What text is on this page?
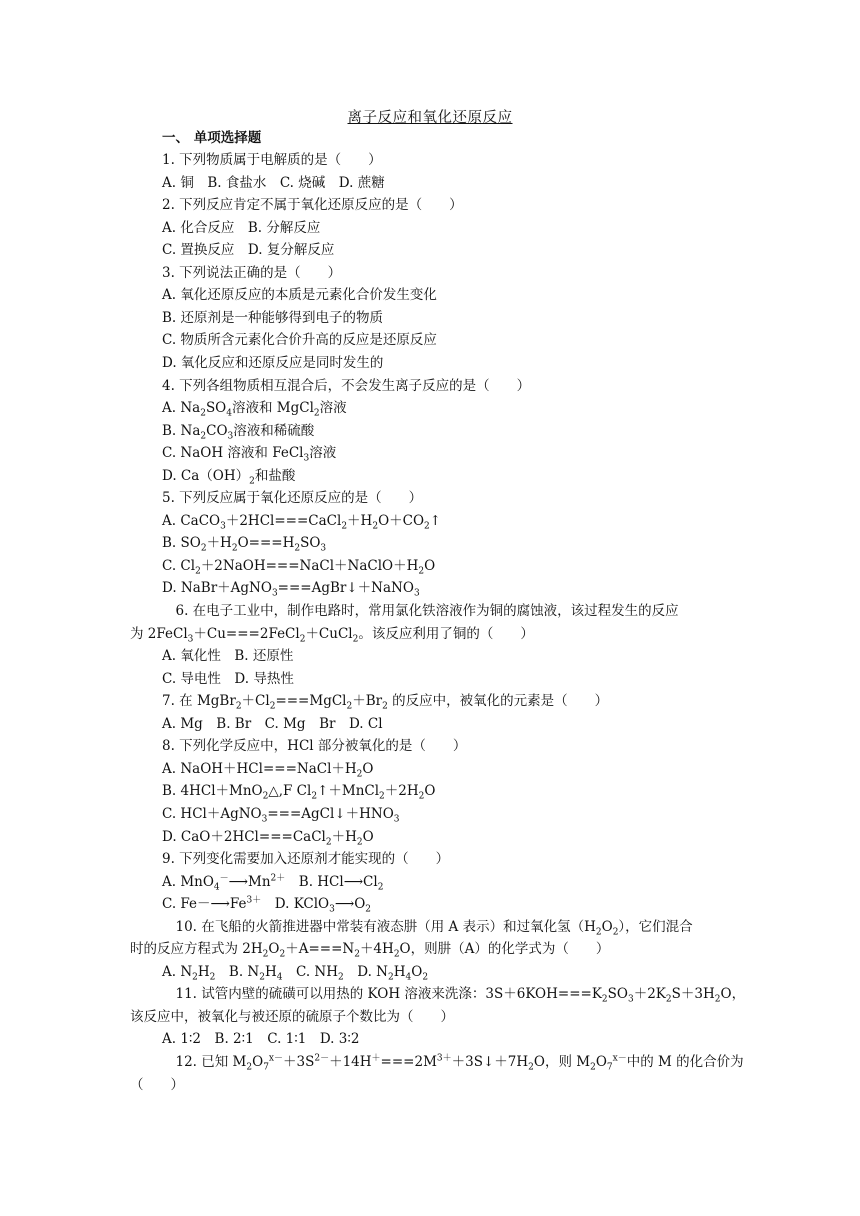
离子反应和氧化还原反应
一、 单项选择题
1. 下列物质属于电解质的是（　　）
A. 铜　B. 食盐水　C. 烧碱　D. 蔗糖
2. 下列反应肯定不属于氧化还原反应的是（　　）
A. 化合反应　B. 分解反应
C. 置换反应　D. 复分解反应
3. 下列说法正确的是（　　）
A. 氧化还原反应的本质是元素化合价发生变化
B. 还原剂是一种能够得到电子的物质
C. 物质所含元素化合价升高的反应是还原反应
D. 氧化反应和还原反应是同时发生的
4. 下列各组物质相互混合后，不会发生离子反应的是（　　）
A. $Na_2SO_4$溶液和 MgCl$_2$溶液
B. $Na_2CO_3$溶液和稀硫酸
C. NaOH 溶液和 FeCl$_3$溶液
D. $Ca(OH)_2$和盐酸
5. 下列反应属于氧化还原反应的是（　　）
A. $CaCO_3+2HCl===CaCl_2+H_2O+CO_2↑$
B. $SO_2+H_2O===H_2SO_3$
C. $Cl_2+2NaOH===NaCl+NaClO+H_2O$
D. NaBr＋AgNO$_3$===AgBr↓＋NaNO$_3$
　6. 在电子工业中，制作电路时，常用氯化铁溶液作为铜的腐蚀液，该过程发生的反应
为 2FeCl$_3$＋Cu===2FeCl$_2$＋CuCl$_2$。该反应利用了铜的（　　）
A. 氧化性　B. 还原性
C. 导电性　D. 导热性
7. 在 $MgBr_2+Cl_2===MgCl_2+Br_2$ 的反应中，被氧化的元素是（　　）
A. Mg　B. Br　C. Mg　Br　D. Cl
8. 下列化学反应中，HCl 部分被氧化的是（　　）
A. $NaOH+HCl===NaCl+H_2O$
B. 4HCl＋MnO$_2$△,F $Cl_2↑+MnCl_2+2H_2O$
C. $HCl+AgNO_3===AgCl↓+HNO_3$
D. $CaO+2HCl===CaCl_2+H_2O$
9. 下列变化需要加入还原剂才能实现的（　　）
A. $MnO_4^-⟶Mn^{2+}$　B. $HCl⟶Cl_2$
C. $Fe-⟶Fe^{3+}$　D. $KClO_3⟶O_2$
　10. 在飞船的火箭推进器中常装有液态肼（用 A 表示）和过氧化氢$(H_2O_2)$，它们混合
时的反应方程式为 $2H_2O_2+A===N_2+4H_2O$，则肼（A）的化学式为（　　）
A. $N_2H_2$　B. $N_2H_4$　C. $NH_2$　D. $N_2H_4O_2$
　11. 试管内壁的硫磺可以用热的 KOH 溶液来洗涤：$3S+6KOH===K_2SO_3+2K_2S+3H_2O$，
该反应中，被氧化与被还原的硫原子个数比为（　　）
A. 1∶2　B. 2∶1　C. 1∶1　D. 3∶2
　12. 已知 $M_2O_7^{x-}+3S^{2-}+14H^+===2M^{3+}+3S↓+7H_2O$，则 $M_2O_7^{x-}$中的 M 的化合价为
（　　）
